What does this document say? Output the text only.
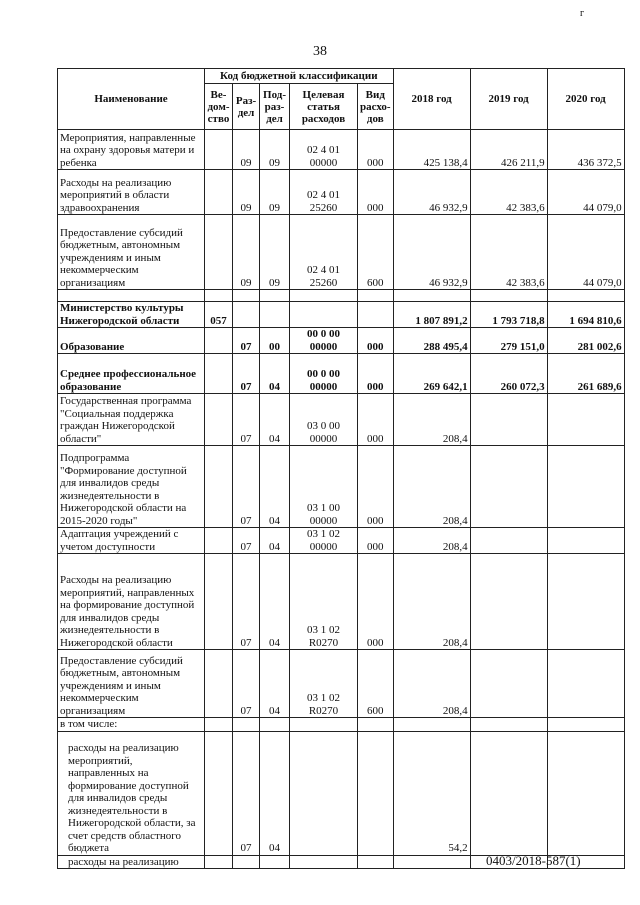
г
38
Наименование	Код бюджетной классификации					2018 год	2019 год	2020 год
	Ве-дом-ство	Раз-дел	Под-раз-дел	Целевая статья расходов	Вид расхо-дов			
Мероприятия, направленные на охрану здоровья матери и ребенка		09	09	02 4 01 00000	000	425 138,4	426 211,9	436 372,5
Расходы на реализацию мероприятий в области здравоохранения		09	09	02 4 01 25260	000	46 932,9	42 383,6	44 079,0
Предоставление субсидий бюджетным, автономным учреждениям и иным некоммерческим организациям		09	09	02 4 01 25260	600	46 932,9	42 383,6	44 079,0

Министерство культуры Нижегородской области	057					1 807 891,2	1 793 718,8	1 694 810,6
Образование		07	00	00 0 00 00000	000	288 495,4	279 151,0	281 002,6
Среднее профессиональное образование		07	04	00 0 00 00000	000	269 642,1	260 072,3	261 689,6
Государственная программа "Социальная поддержка граждан Нижегородской области"		07	04	03 0 00 00000	000	208,4		
Подпрограмма "Формирование доступной для инвалидов среды жизнедеятельности в Нижегородской области на 2015-2020 годы"		07	04	03 1 00 00000	000	208,4		
Адаптация учреждений с учетом доступности		07	04	03 1 02 00000	000	208,4		
Расходы на реализацию мероприятий, направленных на формирование доступной для инвалидов среды жизнедеятельности в Нижегородской области		07	04	03 1 02 R0270	000	208,4		
Предоставление субсидий бюджетным, автономным учреждениям и иным некоммерческим организациям		07	04	03 1 02 R0270	600	208,4		
в том числе:								
расходы на реализацию мероприятий, направленных на формирование доступной для инвалидов среды жизнедеятельности в Нижегородской области, за счет средств областного бюджета		07	04			54,2		
расходы на реализацию									0403/2018-587(1)
